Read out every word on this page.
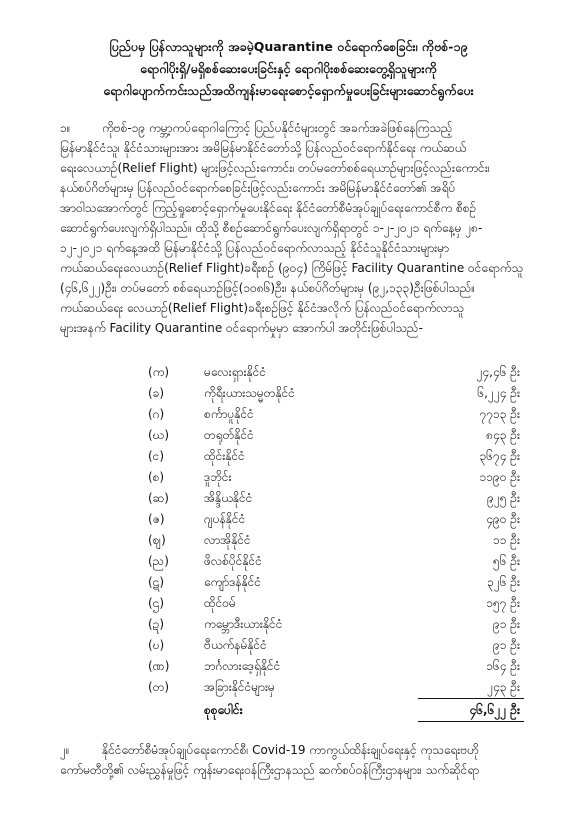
ပြည်ပမှ ပြန်လာသူများကို အခမဲ့Quarantine ဝင်ရောက်စေခြင်း၊ ကိုဗစ်-၁၉
ရောဂါပိုးရှိ/မရှိစစ်ဆေးပေးခြင်းနှင့် ရောဂါပိုးစစ်ဆေးတွေ့ရှိသူများကို
ရောဂါပျောက်ကင်းသည်အထိကျန်းမာရေးစောင့်ရှောက်မှုပေးခြင်းများဆောင်ရွက်ပေး
၁။	ကိုဗစ်-၁၉ ကမ္ဘာ့ကပ်ရောဂါကြောင့် ပြည်ပနိုင်ငံများတွင် အခက်အခဲဖြစ်နေကြသည့်
မြန်မာနိုင်ငံသူ၊ နိုင်ငံသားများအား အမိမြန်မာနိုင်ငံတော်သို့ ပြန်လည်ဝင်ရောက်နိုင်ရေး ကယ်ဆယ်
ရေးလေယာဉ်(Relief Flight) များဖြင့်လည်းကောင်း၊ တပ်မတော်စစ်ရေယာဉ်များဖြင့်လည်းကောင်း၊
နယ်စပ်ဂိတ်များမှ ပြန်လည်ဝင်ရောက်စေခြင်းဖြင့်လည်းကောင်း အမိမြန်မာနိုင်ငံတော်၏ အရိပ်
အာဝါသအောက်တွင် ကြည့်ရှုစောင့်ရှောက်မှုပေးနိုင်ရေး နိုင်ငံတော်စီမံအုပ်ချုပ်ရေးကောင်စီက စီစဉ်
ဆောင်ရွက်ပေးလျက်ရှိပါသည်။ ထိုသို့ စီစဉ်ဆောင်ရွက်ပေးလျက်ရှိရာတွင် ၁-၂-၂၀၂၁ ရက်နေ့မှ ၂၈-
၁၂-၂၀၂၁ ရက်နေ့အထိ မြန်မာနိုင်ငံသို့ ပြန်လည်ဝင်ရောက်လာသည့် နိုင်ငံသူနိုင်ငံသားများမှာ
ကယ်ဆယ်ရေးလေယာဉ်(Relief Flight)ခရီးစဉ် (၉၀၄) ကြိမ်ဖြင့် Facility Quarantine ဝင်ရောက်သူ
(၄၆,၆၂၂)ဦး၊ တပ်မတော် စစ်ရေယာဉ်ဖြင့်(၁၀၈၆)ဦး၊ နယ်စပ်ဂိတ်များမှ (၉၂,၁၃၃)ဦးဖြစ်ပါသည်။
ကယ်ဆယ်ရေး လေယာဉ်(Relief Flight)ခရီးစဉ်ဖြင့် နိုင်ငံအလိုက် ပြန်လည်ဝင်ရောက်လာသူ
များအနက် Facility Quarantine ဝင်ရောက်မှုမှာ အောက်ပါ အတိုင်းဖြစ်ပါသည်-
(က)	မလေးရှားနိုင်ငံ	၂၄,၄၆ ဦး
(ခ)	ကိုရီးယားသမ္မတနိုင်ငံ	၆,၂၂၄ ဦး
(ဂ)	စင်္ကာပူနိုင်ငံ	၇၇၁၃ ဦး
(ဃ)	တရုတ်နိုင်ငံ	၈၄၃ ဦး
(င)	ထိုင်းနိုင်ငံ	၃၆၇၄ ဦး
(စ)	ဒူဘိုင်း	၁၁၉၀ ဦး
(ဆ)	အိန္ဒိယနိုင်ငံ	၉၂၅ ဦး
(ဇ)	ဂျပန်နိုင်ငံ	၄၉၀ ဦး
(ဈ)	လာအိုနိုင်ငံ	၁၁ ဦး
(ည)	ဖိလစ်ပိုင်နိုင်ငံ	၅၆ ဦး
(ဋ)	ကျော်ဒန်နိုင်ငံ	၃၂၆ ဦး
(ဌ)	ထိုင်ဝမ်	၁၅၇ ဦး
(ဍ)	ကမ္ဘောဒီးယားနိုင်ငံ	၉၁ ဦး
(ဎ)	ဗီယက်နမ်နိုင်ငံ	၉၁ ဦး
(ဏ)	ဘင်္ဂလားဒေ့ရှ်နိုင်ငံ	၁၆၄ ဦး
(တ)	အခြားနိုင်ငံများမှ	၂၄၃ ဦး
စုစုပေါင်း	၄၆,၆၂၂ ဦး
၂။	နိုင်ငံတော်စီမံအုပ်ချုပ်ရေးကောင်စီ၊ Covid-19 ကာကွယ်ထိန်းချုပ်ရေးနှင့် ကုသရေးဗဟို
ကော်မတီတို့၏ လမ်းညွှန်မှုဖြင့် ကျန်းမာရေးဝန်ကြီးဌာနသည် ဆက်စပ်ဝန်ကြီးဌာနများ၊ သက်ဆိုင်ရာ
